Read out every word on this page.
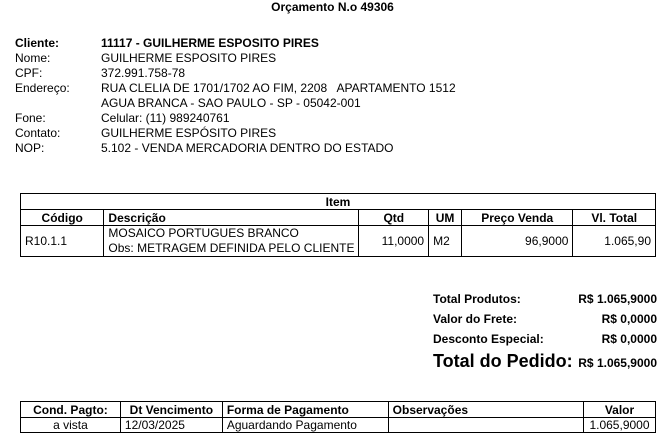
Orçamento N.o 49306
Cliente:	11117 - GUILHERME ESPOSITO PIRES
Nome:	GUILHERME ESPOSITO PIRES
CPF:	372.991.758-78
Endereço:	RUA CLELIA DE 1701/1702 AO FIM, 2208   APARTAMENTO 1512
AGUA BRANCA - SAO PAULO - SP - 05042-001
Fone:	Celular: (11) 989240761
Contato:	GUILHERME ESPÓSITO PIRES
NOP:	5.102 - VENDA MERCADORIA DENTRO DO ESTADO
Item					
Código	Descrição	Qtd	UM	Preço Venda	Vl. Total
R10.1.1	MOSAICO PORTUGUES BRANCO
Obs: METRAGEM DEFINIDA PELO CLIENTE	11,0000	M2	96,9000	1.065,90
Total Produtos:	R$ 1.065,9000
Valor do Frete:	R$ 0,0000
Desconto Especial:	R$ 0,0000
Total do Pedido: R$ 1.065,9000
Cond. Pagto:	Dt Vencimento	Forma de Pagamento	Observações	Valor
a vista	12/03/2025	Aguardando Pagamento		1.065,9000
